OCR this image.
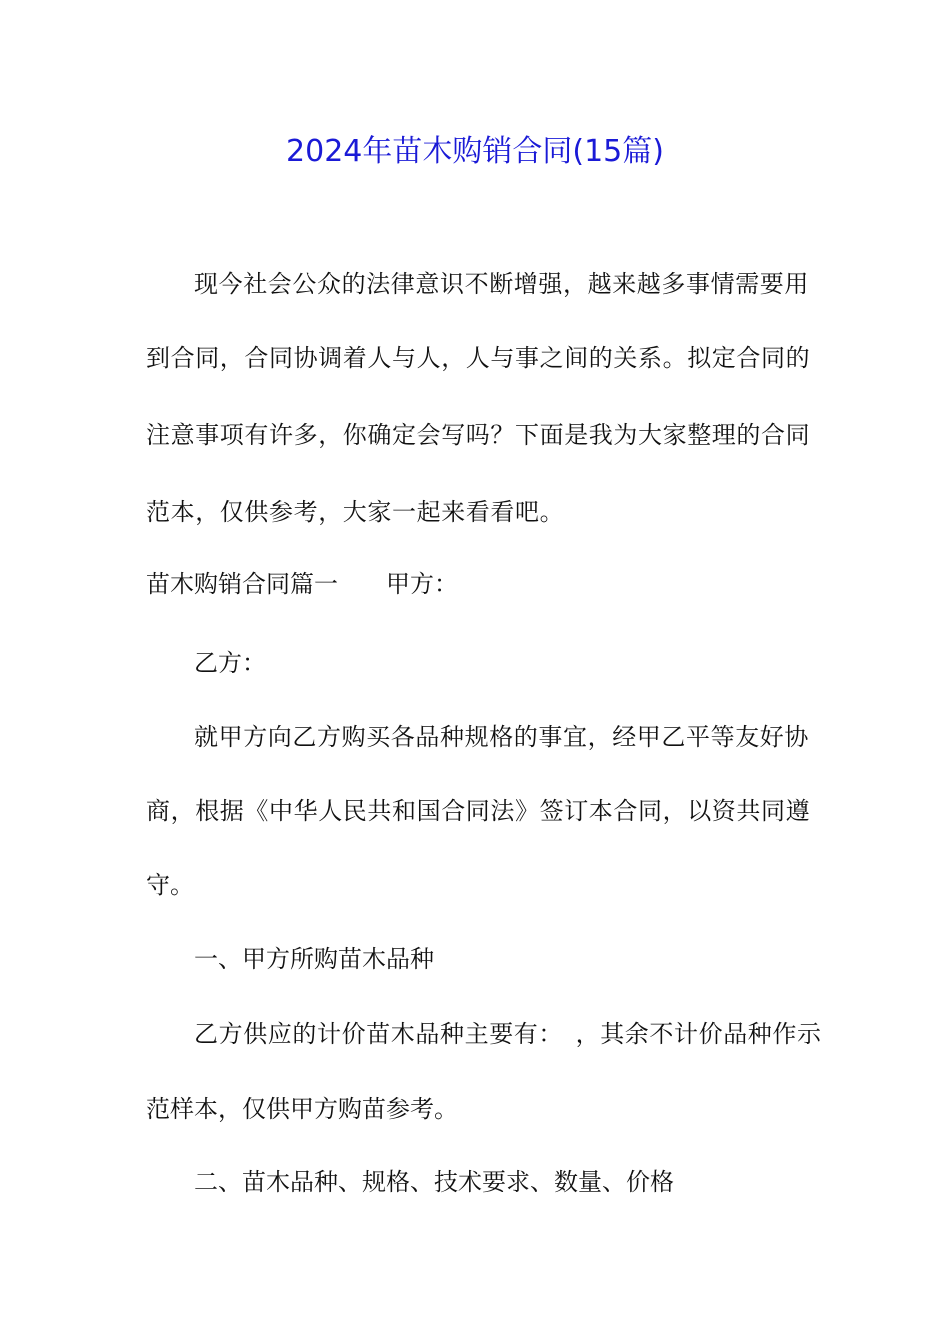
2024年苗木购销合同(15篇)
现今社会公众的法律意识不断增强，越来越多事情需要用
到合同，合同协调着人与人，人与事之间的关系。拟定合同的
注意事项有许多，你确定会写吗？下面是我为大家整理的合同
范本，仅供参考，大家一起来看看吧。
苗木购销合同篇一　　甲方：
乙方：
就甲方向乙方购买各品种规格的事宜，经甲乙平等友好协
商，根据《中华人民共和国合同法》签订本合同，以资共同遵
守。
一、甲方所购苗木品种
乙方供应的计价苗木品种主要有：　，其余不计价品种作示
范样本，仅供甲方购苗参考。
二、苗木品种、规格、技术要求、数量、价格
